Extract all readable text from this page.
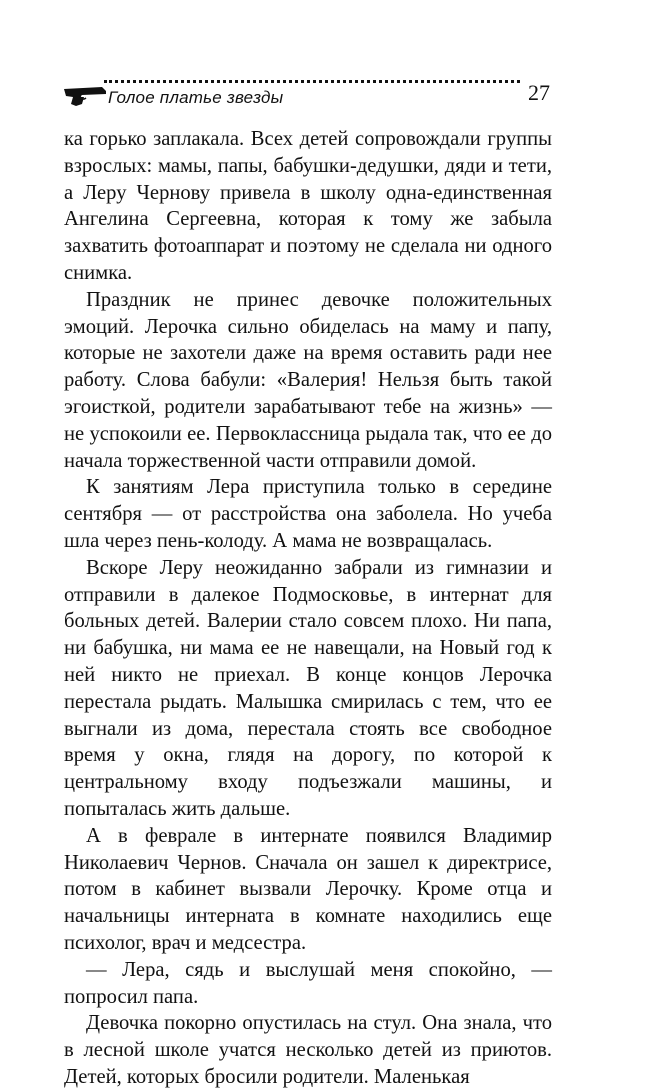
Голое платье звезды	27

ка горько заплакала. Всех детей сопровождали группы взрослых: мамы, папы, бабушки-дедушки, дяди и тети, а Леру Чернову привела в школу одна-единственная Ангелина Сергеевна, которая к тому же забыла захватить фотоаппарат и поэтому не сделала ни одного снимка.

Праздник не принес девочке положительных эмоций. Лерочка сильно обиделась на маму и папу, которые не захотели даже на время оставить ради нее работу. Слова бабули: «Валерия! Нельзя быть такой эгоисткой, родители зарабатывают тебе на жизнь» — не успокоили ее. Первоклассница рыдала так, что ее до начала торжественной части отправили домой.

К занятиям Лера приступила только в середине сентября — от расстройства она заболела. Но учеба шла через пень-колоду. А мама не возвращалась.

Вскоре Леру неожиданно забрали из гимназии и отправили в далекое Подмосковье, в интернат для больных детей. Валерии стало совсем плохо. Ни папа, ни бабушка, ни мама ее не навещали, на Новый год к ней никто не приехал. В конце концов Лерочка перестала рыдать. Малышка смирилась с тем, что ее выгнали из дома, перестала стоять все свободное время у окна, глядя на дорогу, по которой к центральному входу подъезжали машины, и попыталась жить дальше.

А в феврале в интернате появился Владимир Николаевич Чернов. Сначала он зашел к директрисе, потом в кабинет вызвали Лерочку. Кроме отца и начальницы интерната в комнате находились еще психолог, врач и медсестра.

— Лера, сядь и выслушай меня спокойно, — попросил папа.

Девочка покорно опустилась на стул. Она знала, что в лесной школе учатся несколько детей из приютов. Детей, которых бросили родители. Маленькая
